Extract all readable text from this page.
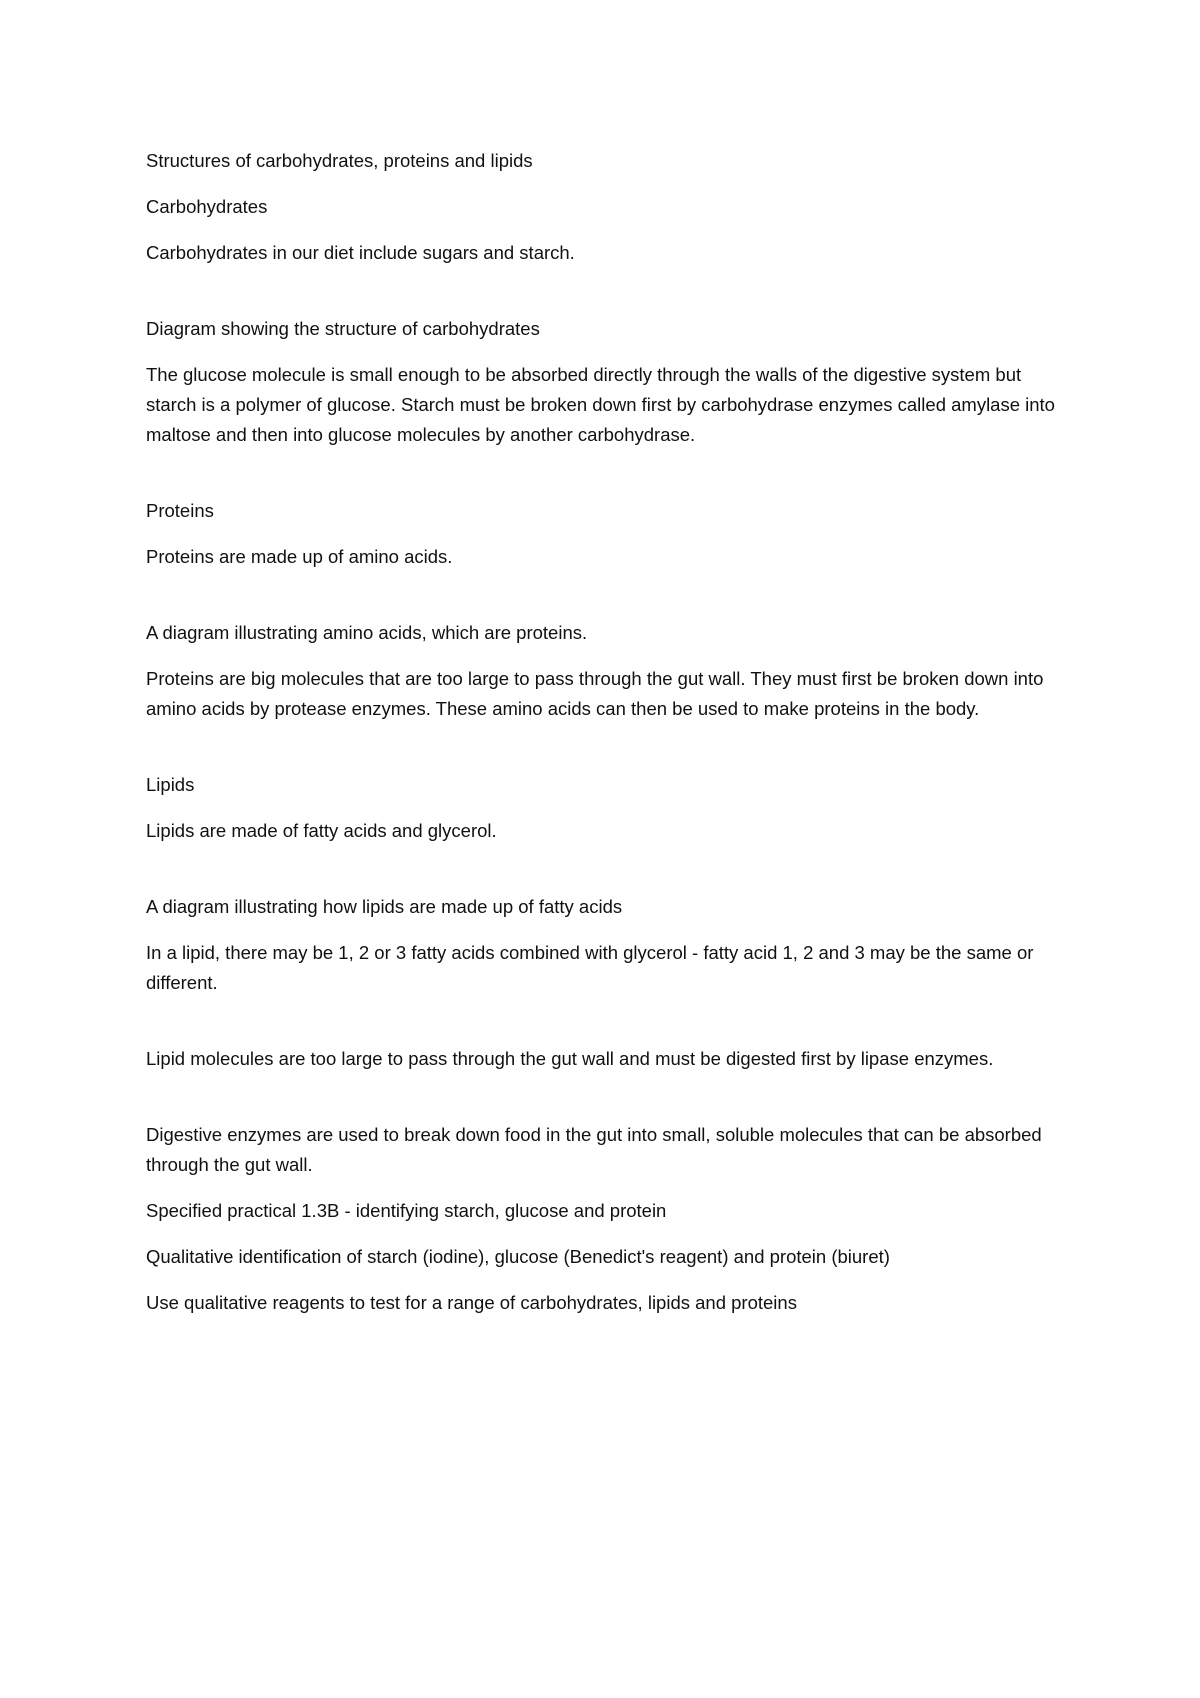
Structures of carbohydrates, proteins and lipids

Carbohydrates

Carbohydrates in our diet include sugars and starch.

Diagram showing the structure of carbohydrates

The glucose molecule is small enough to be absorbed directly through the walls of the digestive system but starch is a polymer of glucose. Starch must be broken down first by carbohydrase enzymes called amylase into maltose and then into glucose molecules by another carbohydrase.

Proteins

Proteins are made up of amino acids.

A diagram illustrating amino acids, which are proteins.

Proteins are big molecules that are too large to pass through the gut wall. They must first be broken down into amino acids by protease enzymes. These amino acids can then be used to make proteins in the body.

Lipids

Lipids are made of fatty acids and glycerol.

A diagram illustrating how lipids are made up of fatty acids

In a lipid, there may be 1, 2 or 3 fatty acids combined with glycerol - fatty acid 1, 2 and 3 may be the same or different.

Lipid molecules are too large to pass through the gut wall and must be digested first by lipase enzymes.

Digestive enzymes are used to break down food in the gut into small, soluble molecules that can be absorbed through the gut wall.

Specified practical 1.3B - identifying starch, glucose and protein

Qualitative identification of starch (iodine), glucose (Benedict's reagent) and protein (biuret)

Use qualitative reagents to test for a range of carbohydrates, lipids and proteins
